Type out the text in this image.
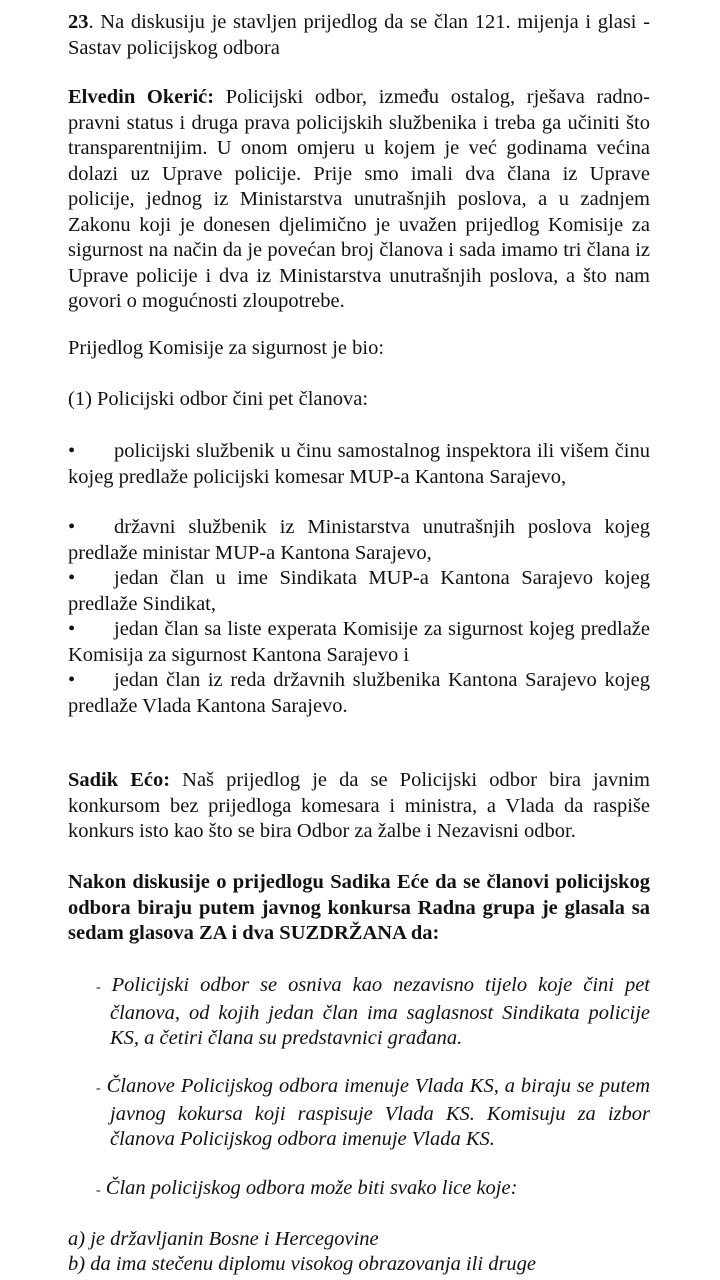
23. Na diskusiju je stavljen prijedlog da se član 121. mijenja i glasi - Sastav policijskog odbora

Elvedin Okerić: Policijski odbor, između ostalog, rješava radno-pravni status i druga prava policijskih službenika i treba ga učiniti što transparentnijim. U onom omjeru u kojem je već godinama većina dolazi uz Uprave policije. Prije smo imali dva člana iz Uprave policije, jednog iz Ministarstva unutrašnjih poslova, a u zadnjem Zakonu koji je donesen djelimično je uvažen prijedlog Komisije za sigurnost na način da je povećan broj članova i sada imamo tri člana iz Uprave policije i dva iz Ministarstva unutrašnjih poslova, a što nam govori o mogućnosti zloupotrebe.

Prijedlog Komisije za sigurnost je bio:

(1) Policijski odbor čini pet članova:

• policijski službenik u činu samostalnog inspektora ili višem činu kojeg predlaže policijski komesar MUP-a Kantona Sarajevo,

• državni službenik iz Ministarstva unutrašnjih poslova kojeg predlaže ministar MUP-a Kantona Sarajevo,

• jedan član u ime Sindikata MUP-a Kantona Sarajevo kojeg predlaže Sindikat,

• jedan član sa liste experata Komisije za sigurnost kojeg predlaže Komisija za sigurnost Kantona Sarajevo i

• jedan član iz reda državnih službenika Kantona Sarajevo kojeg predlaže Vlada Kantona Sarajevo.

Sadik Ećo: Naš prijedlog je da se Policijski odbor bira javnim konkursom bez prijedloga komesara i ministra, a Vlada da raspiše konkurs isto kao što se bira Odbor za žalbe i Nezavisni odbor.

Nakon diskusije o prijedlogu Sadika Eće da se članovi policijskog odbora biraju putem javnog konkursa Radna grupa je glasala sa sedam glasova ZA i dva SUZDRŽANA da:

- Policijski odbor se osniva kao nezavisno tijelo koje čini pet članova, od kojih jedan član ima saglasnost Sindikata policije KS, a četiri člana su predstavnici građana.

- Članove Policijskog odbora imenuje Vlada KS, a biraju se putem javnog kokursa koji raspisuje Vlada KS. Komisuju za izbor članova Policijskog odbora imenuje Vlada KS.

- Član policijskog odbora može biti svako lice koje:

a) je državljanin Bosne i Hercegovine

b) da ima stečenu diplomu visokog obrazovanja ili druge
